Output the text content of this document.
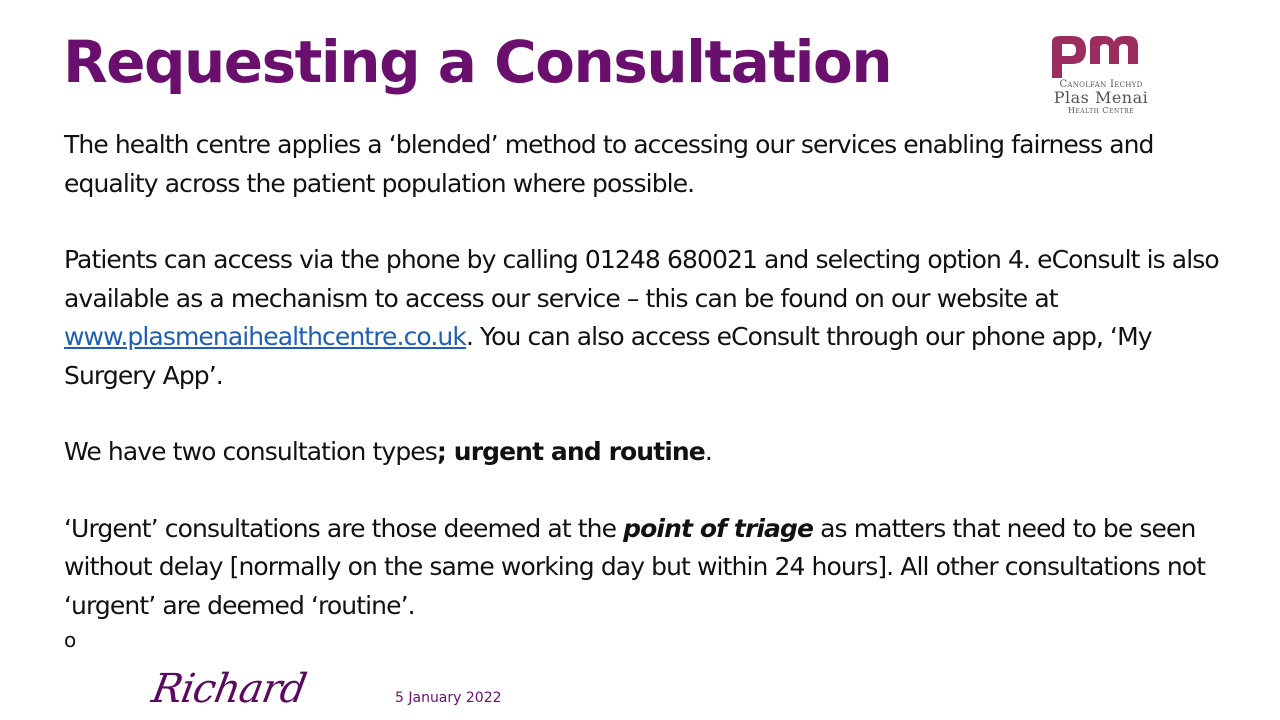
Requesting a Consultation	Canolfan Iechyd
Plas Menai
Health Centre

The health centre applies a ‘blended’ method to accessing our services enabling fairness and equality across the patient population where possible.

Patients can access via the phone by calling 01248 680021 and selecting option 4. eConsult is also available as a mechanism to access our service – this can be found on our website at www.plasmenaihealthcentre.co.uk. You can also access eConsult through our phone app, ‘My Surgery App’.

We have two consultation types; urgent and routine.

‘Urgent’ consultations are those deemed at the point of triage as matters that need to be seen without delay [normally on the same working day but within 24 hours]. All other consultations not ‘urgent’ are deemed ‘routine’.

o
Richard	5 January 2022
